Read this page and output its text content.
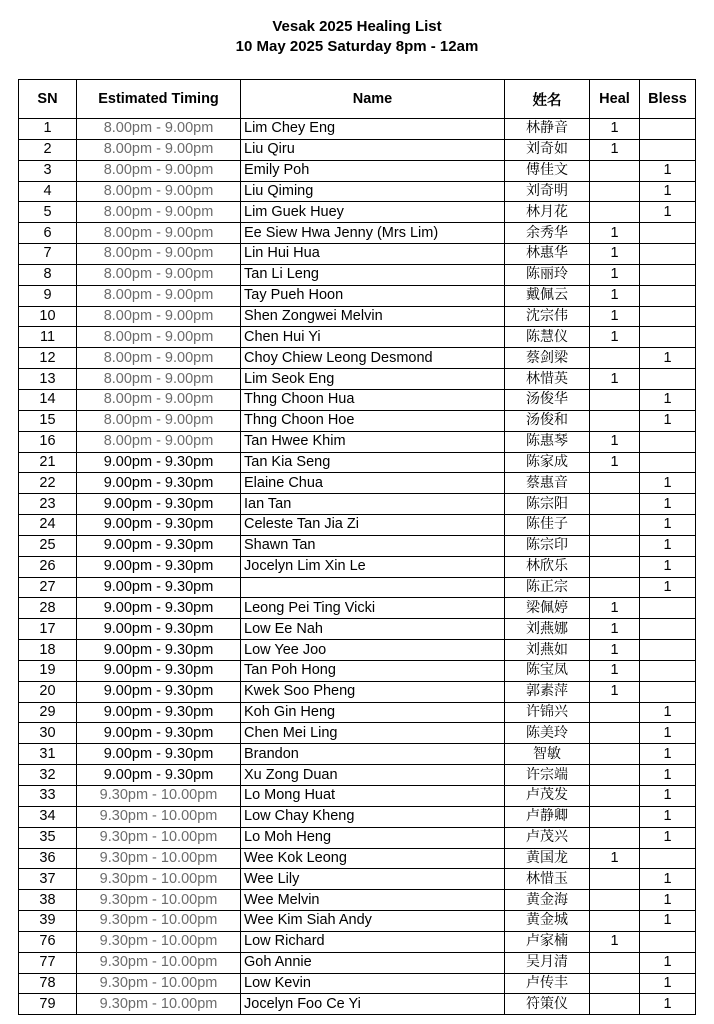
Vesak 2025 Healing List
10 May 2025 Saturday 8pm - 12am
SN	Estimated Timing	Name	姓名	Heal	Bless
1	8.00pm - 9.00pm	Lim Chey Eng	林静音	1	
2	8.00pm - 9.00pm	Liu Qiru	刘奇如	1	
3	8.00pm - 9.00pm	Emily Poh	傅佳文		1
4	8.00pm - 9.00pm	Liu Qiming	刘奇明		1
5	8.00pm - 9.00pm	Lim Guek Huey	林月花		1
6	8.00pm - 9.00pm	Ee Siew Hwa Jenny (Mrs Lim)	余秀华	1	
7	8.00pm - 9.00pm	Lin Hui Hua	林惠华	1	
8	8.00pm - 9.00pm	Tan Li Leng	陈丽玲	1	
9	8.00pm - 9.00pm	Tay Pueh Hoon	戴佩云	1	
10	8.00pm - 9.00pm	Shen Zongwei Melvin	沈宗伟	1	
11	8.00pm - 9.00pm	Chen Hui Yi	陈慧仪	1	
12	8.00pm - 9.00pm	Choy Chiew Leong Desmond	蔡剑梁		1
13	8.00pm - 9.00pm	Lim Seok Eng	林惜英	1	
14	8.00pm - 9.00pm	Thng Choon Hua	汤俊华		1
15	8.00pm - 9.00pm	Thng Choon Hoe	汤俊和		1
16	8.00pm - 9.00pm	Tan Hwee Khim	陈惠琴	1	
21	9.00pm - 9.30pm	Tan Kia Seng	陈家成	1	
22	9.00pm - 9.30pm	Elaine Chua	蔡惠音		1
23	9.00pm - 9.30pm	Ian Tan	陈宗阳		1
24	9.00pm - 9.30pm	Celeste Tan Jia Zi	陈佳子		1
25	9.00pm - 9.30pm	Shawn Tan	陈宗印		1
26	9.00pm - 9.30pm	Jocelyn Lim Xin Le	林欣乐		1
27	9.00pm - 9.30pm		陈正宗		1
28	9.00pm - 9.30pm	Leong Pei Ting Vicki	梁佩婷	1	
17	9.00pm - 9.30pm	Low Ee Nah	刘燕娜	1	
18	9.00pm - 9.30pm	Low Yee Joo	刘燕如	1	
19	9.00pm - 9.30pm	Tan Poh Hong	陈宝凤	1	
20	9.00pm - 9.30pm	Kwek Soo Pheng	郭素萍	1	
29	9.00pm - 9.30pm	Koh Gin Heng	许锦兴		1
30	9.00pm - 9.30pm	Chen Mei Ling	陈美玲		1
31	9.00pm - 9.30pm	Brandon	智敏		1
32	9.00pm - 9.30pm	Xu Zong Duan	许宗端		1
33	9.30pm - 10.00pm	Lo Mong Huat	卢茂发		1
34	9.30pm - 10.00pm	Low Chay Kheng	卢静卿		1
35	9.30pm - 10.00pm	Lo Moh Heng	卢茂兴		1
36	9.30pm - 10.00pm	Wee Kok Leong	黄国龙	1	
37	9.30pm - 10.00pm	Wee Lily	林惜玉		1
38	9.30pm - 10.00pm	Wee Melvin	黄金海		1
39	9.30pm - 10.00pm	Wee Kim Siah Andy	黄金城		1
76	9.30pm - 10.00pm	Low Richard	卢家楠	1	
77	9.30pm - 10.00pm	Goh Annie	吴月清		1
78	9.30pm - 10.00pm	Low Kevin	卢传丰		1
79	9.30pm - 10.00pm	Jocelyn Foo Ce Yi	符策仪		1
